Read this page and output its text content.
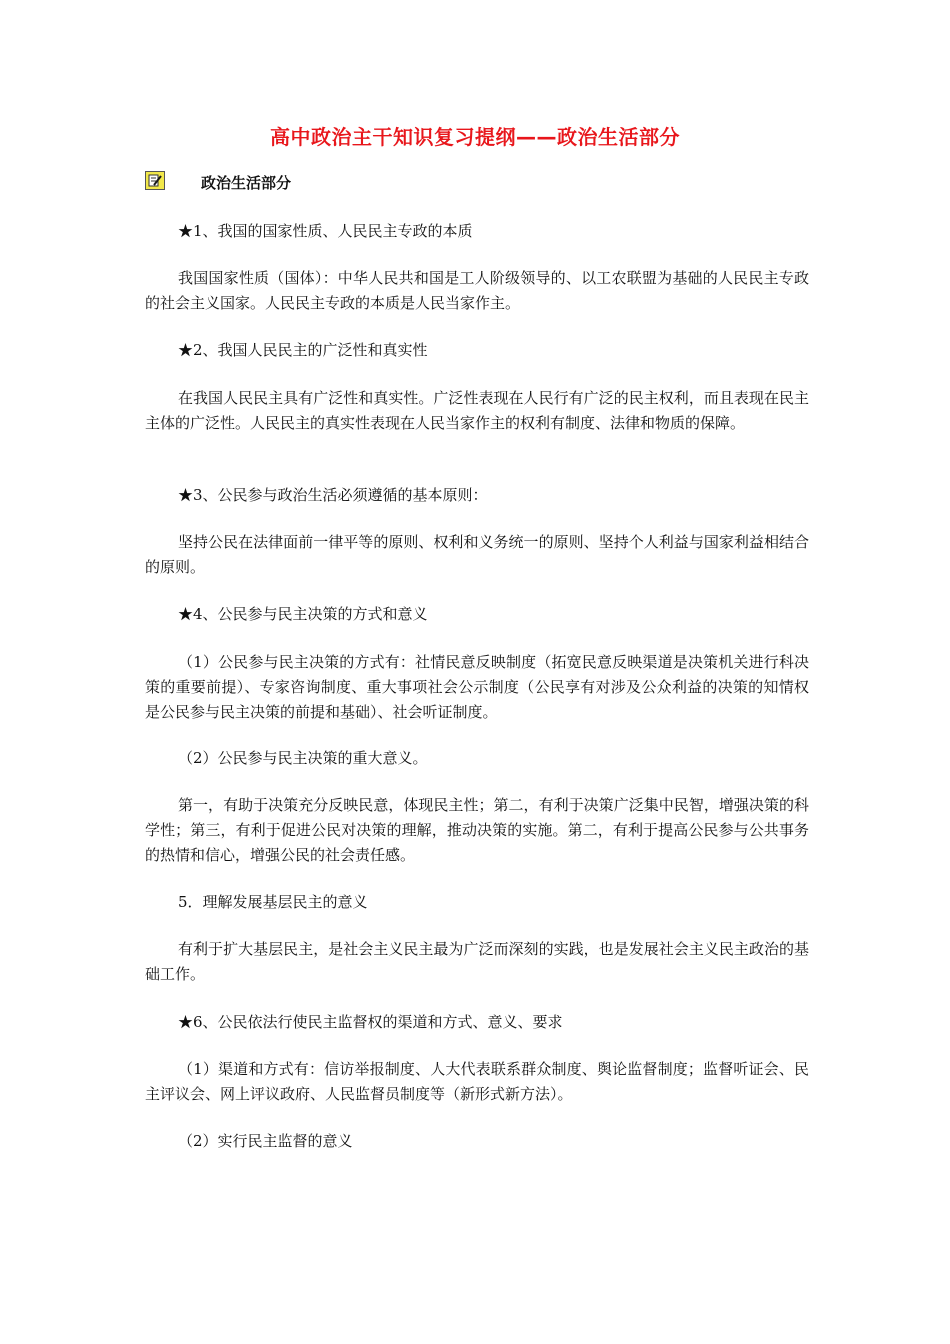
高中政治主干知识复习提纲——政治生活部分
政治生活部分

★1、我国的国家性质、人民民主专政的本质

我国国家性质（国体）：中华人民共和国是工人阶级领导的、以工农联盟为基础的人民民主专政的社会主义国家。人民民主专政的本质是人民当家作主。

★2、我国人民民主的广泛性和真实性

在我国人民民主具有广泛性和真实性。广泛性表现在人民行有广泛的民主权利，而且表现在民主主体的广泛性。人民民主的真实性表现在人民当家作主的权利有制度、法律和物质的保障。

★3、公民参与政治生活必须遵循的基本原则：

坚持公民在法律面前一律平等的原则、权利和义务统一的原则、坚持个人利益与国家利益相结合的原则。

★4、公民参与民主决策的方式和意义

（1）公民参与民主决策的方式有：社情民意反映制度（拓宽民意反映渠道是决策机关进行科决策的重要前提）、专家咨询制度、重大事项社会公示制度（公民享有对涉及公众利益的决策的知情权是公民参与民主决策的前提和基础）、社会听证制度。

（2）公民参与民主决策的重大意义。

第一，有助于决策充分反映民意，体现民主性；第二，有利于决策广泛集中民智，增强决策的科学性；第三，有利于促进公民对决策的理解，推动决策的实施。第二，有利于提高公民参与公共事务的热情和信心，增强公民的社会责任感。

5．理解发展基层民主的意义

有利于扩大基层民主，是社会主义民主最为广泛而深刻的实践，也是发展社会主义民主政治的基础工作。

★6、公民依法行使民主监督权的渠道和方式、意义、要求

（1）渠道和方式有：信访举报制度、人大代表联系群众制度、舆论监督制度；监督听证会、民主评议会、网上评议政府、人民监督员制度等（新形式新方法）。

（2）实行民主监督的意义
